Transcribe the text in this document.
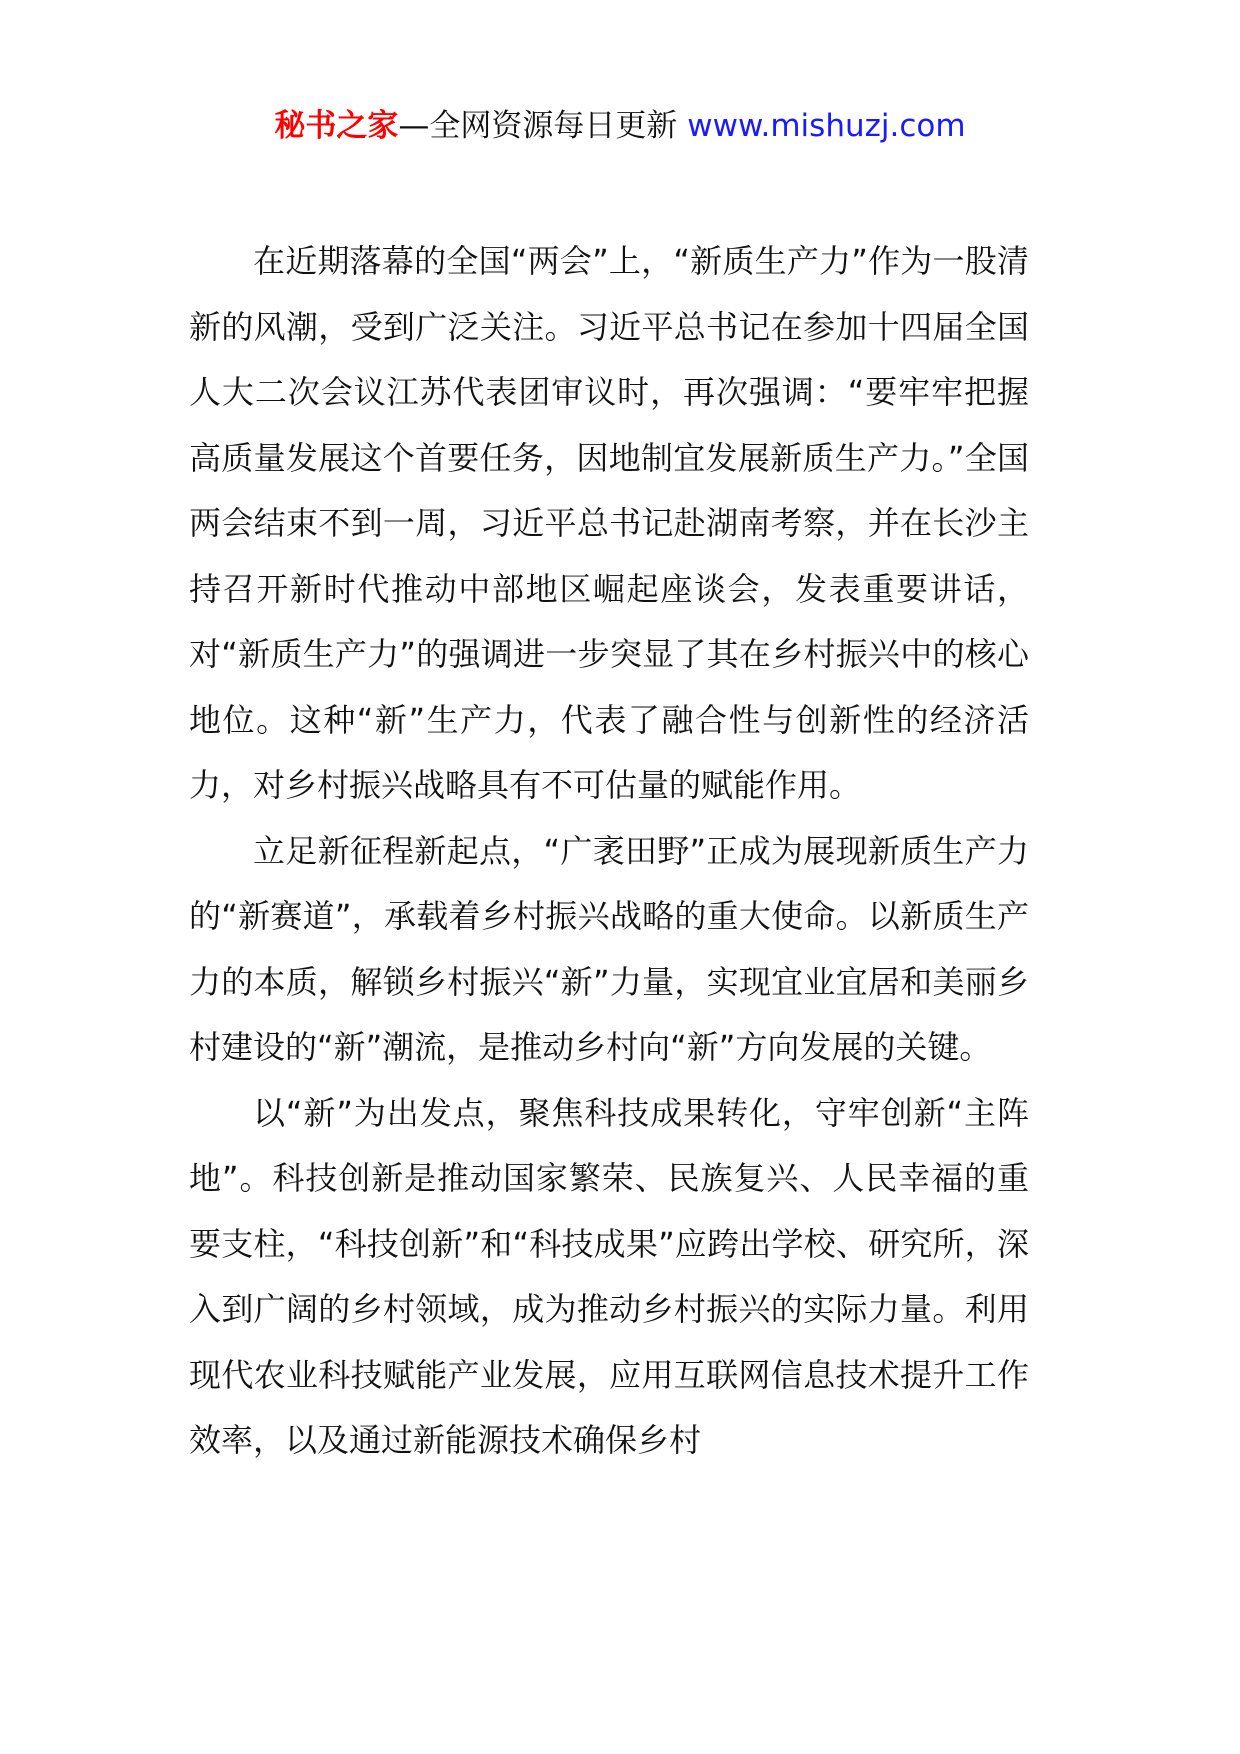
秘书之家—全网资源每日更新 www.mishuzj.com

在近期落幕的全国“两会”上，“新质生产力”作为一股清新的风潮，受到广泛关注。习近平总书记在参加十四届全国人大二次会议江苏代表团审议时，再次强调：“要牢牢把握高质量发展这个首要任务，因地制宜发展新质生产力。”全国两会结束不到一周，习近平总书记赴湖南考察，并在长沙主持召开新时代推动中部地区崛起座谈会，发表重要讲话，对“新质生产力”的强调进一步突显了其在乡村振兴中的核心地位。这种“新”生产力，代表了融合性与创新性的经济活力，对乡村振兴战略具有不可估量的赋能作用。

立足新征程新起点，“广袤田野”正成为展现新质生产力的“新赛道”，承载着乡村振兴战略的重大使命。以新质生产力的本质，解锁乡村振兴“新”力量，实现宜业宜居和美丽乡村建设的“新”潮流，是推动乡村向“新”方向发展的关键。

以“新”为出发点，聚焦科技成果转化，守牢创新“主阵地”。科技创新是推动国家繁荣、民族复兴、人民幸福的重要支柱，“科技创新”和“科技成果”应跨出学校、研究所，深入到广阔的乡村领域，成为推动乡村振兴的实际力量。利用现代农业科技赋能产业发展，应用互联网信息技术提升工作效率，以及通过新能源技术确保乡村
